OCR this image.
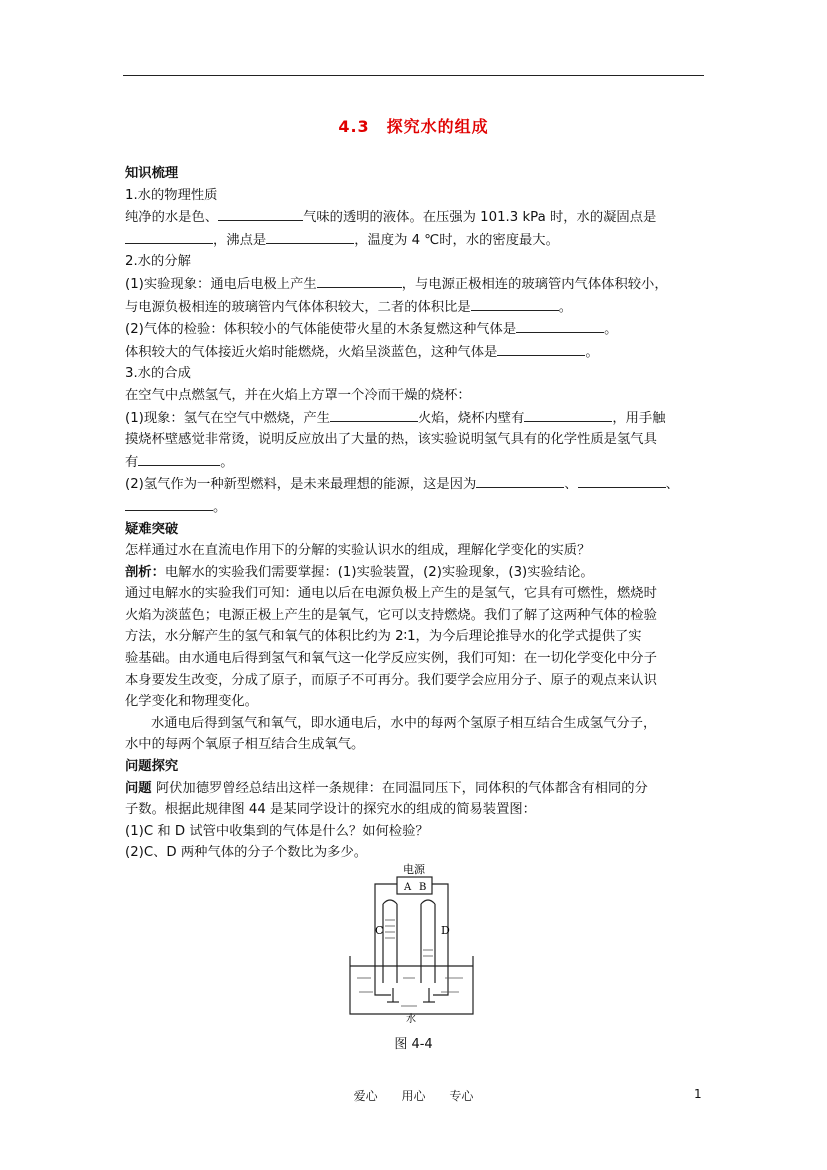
4.3　探究水的组成
知识梳理
1.水的物理性质
纯净的水是色、	气味的透明的液体。在压强为 101.3 kPa 时，水的凝固点是
，沸点是	，温度为 4 ℃时，水的密度最大。
2.水的分解
(1)实验现象：通电后电极上产生	，与电源正极相连的玻璃管内气体体积较小，
与电源负极相连的玻璃管内气体体积较大，二者的体积比是	。
(2)气体的检验：体积较小的气体能使带火星的木条复燃这种气体是	。
体积较大的气体接近火焰时能燃烧，火焰呈淡蓝色，这种气体是	。
3.水的合成
在空气中点燃氢气，并在火焰上方罩一个冷而干燥的烧杯：
(1)现象：氢气在空气中燃烧，产生	火焰，烧杯内壁有	，用手触
摸烧杯壁感觉非常烫，说明反应放出了大量的热，该实验说明氢气具有的化学性质是氢气具
有	。
(2)氢气作为一种新型燃料，是未来最理想的能源，这是因为	、	、
。
疑难突破
怎样通过水在直流电作用下的分解的实验认识水的组成，理解化学变化的实质？
剖析：电解水的实验我们需要掌握：(1)实验装置，(2)实验现象，(3)实验结论。
通过电解水的实验我们可知：通电以后在电源负极上产生的是氢气，它具有可燃性，燃烧时
火焰为淡蓝色；电源正极上产生的是氧气，它可以支持燃烧。我们了解了这两种气体的检验
方法，水分解产生的氢气和氧气的体积比约为 2∶1，为今后理论推导水的化学式提供了实
验基础。由水通电后得到氢气和氧气这一化学反应实例，我们可知：在一切化学变化中分子
本身要发生改变，分成了原子，而原子不可再分。我们要学会应用分子、原子的观点来认识
化学变化和物理变化。
水通电后得到氢气和氧气，即水通电后，水中的每两个氢原子相互结合生成氢气分子，
水中的每两个氧原子相互结合生成氧气。
问题探究
问题 阿伏加德罗曾经总结出这样一条规律：在同温同压下，同体积的气体都含有相同的分
子数。根据此规律图 44 是某同学设计的探究水的组成的简易装置图：
(1)C 和 D 试管中收集到的气体是什么？如何检验？
(2)C、D 两种气体的分子个数比为多少。
电源
A B
C	D
水
图 4-4
爱心 用心 专心	1
